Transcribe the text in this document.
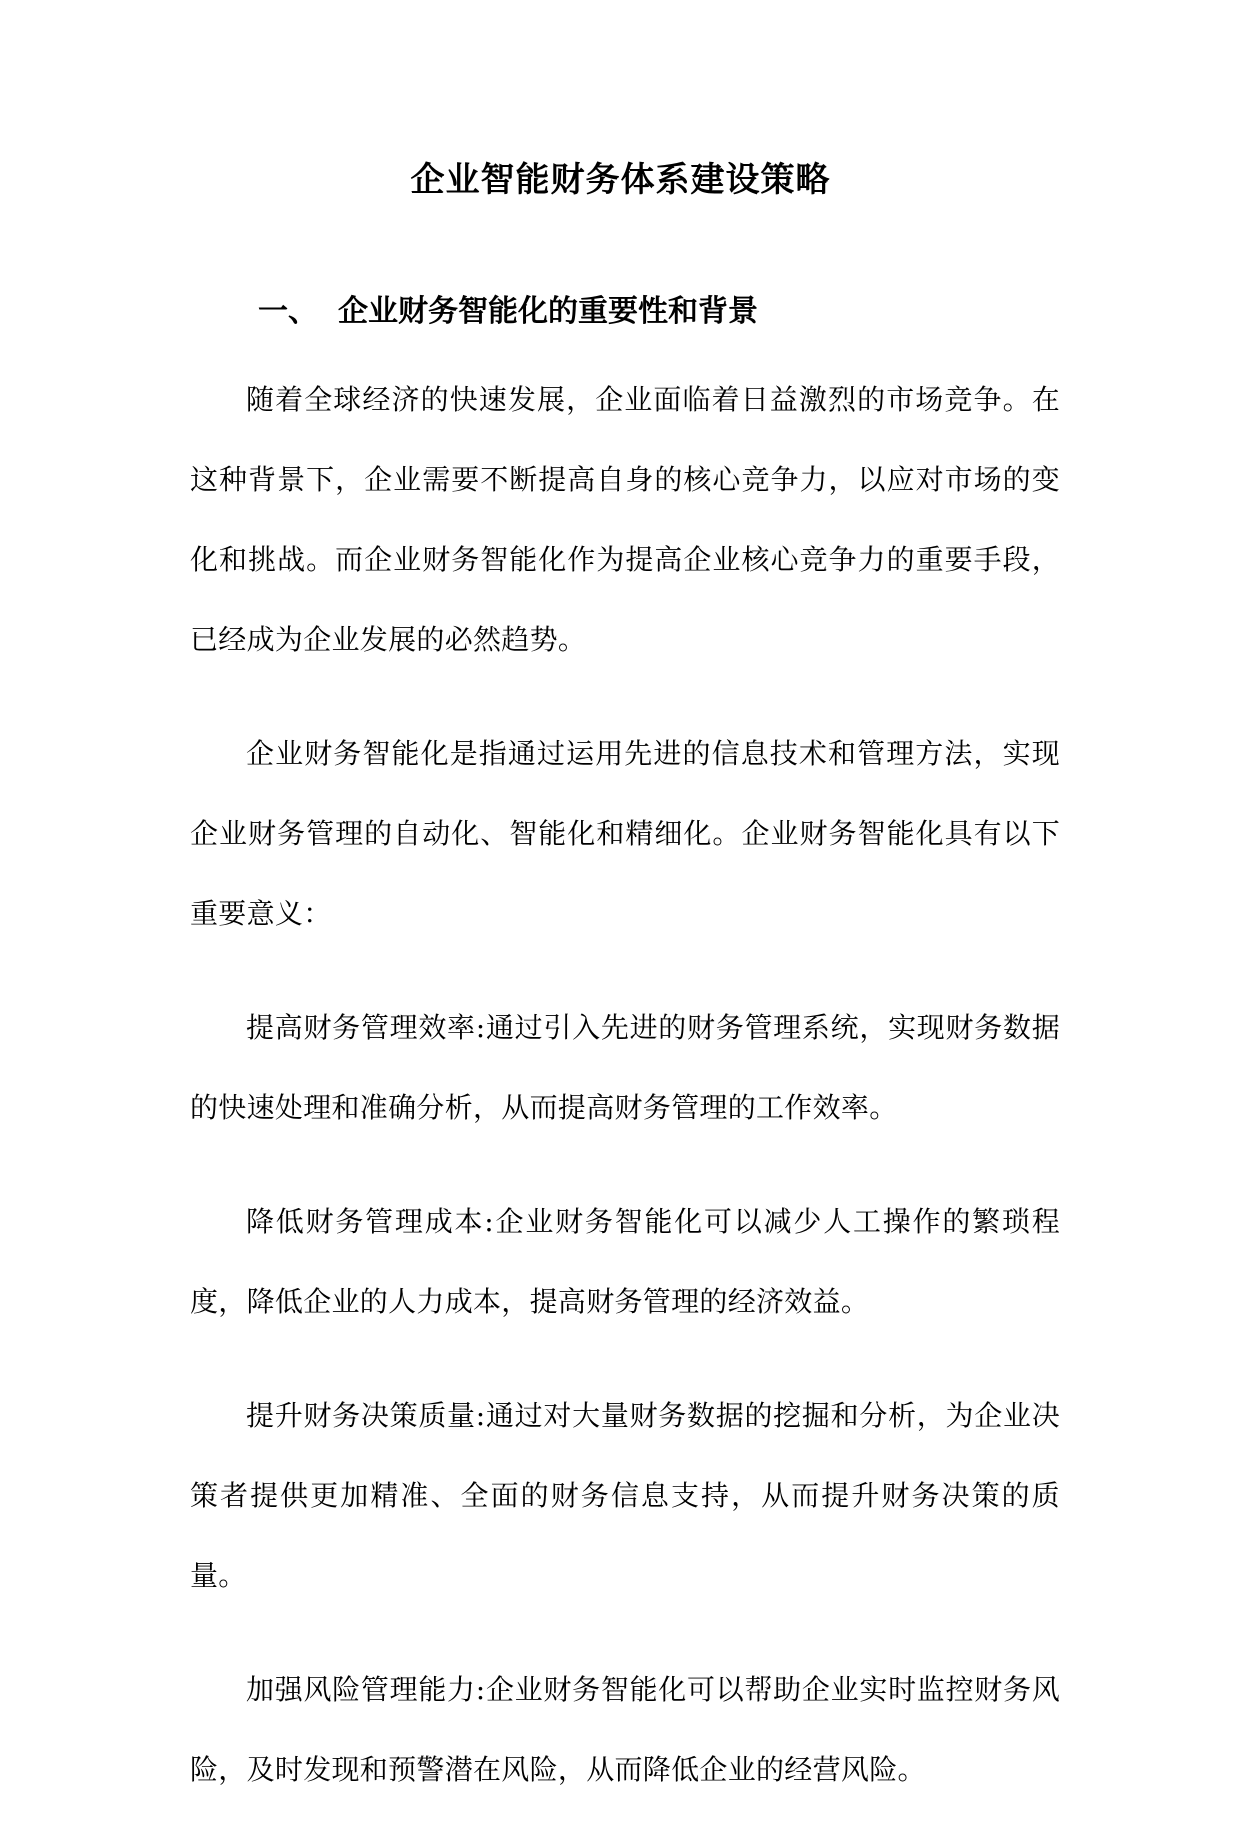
企业智能财务体系建设策略
一、 企业财务智能化的重要性和背景

随着全球经济的快速发展，企业面临着日益激烈的市场竞争。在这种背景下，企业需要不断提高自身的核心竞争力，以应对市场的变化和挑战。而企业财务智能化作为提高企业核心竞争力的重要手段，已经成为企业发展的必然趋势。

企业财务智能化是指通过运用先进的信息技术和管理方法，实现企业财务管理的自动化、智能化和精细化。企业财务智能化具有以下重要意义：

提高财务管理效率:通过引入先进的财务管理系统，实现财务数据的快速处理和准确分析，从而提高财务管理的工作效率。

降低财务管理成本:企业财务智能化可以减少人工操作的繁琐程度，降低企业的人力成本，提高财务管理的经济效益。

提升财务决策质量:通过对大量财务数据的挖掘和分析，为企业决策者提供更加精准、全面的财务信息支持，从而提升财务决策的质量。

加强风险管理能力:企业财务智能化可以帮助企业实时监控财务风险，及时发现和预警潜在风险，从而降低企业的经营风险。
